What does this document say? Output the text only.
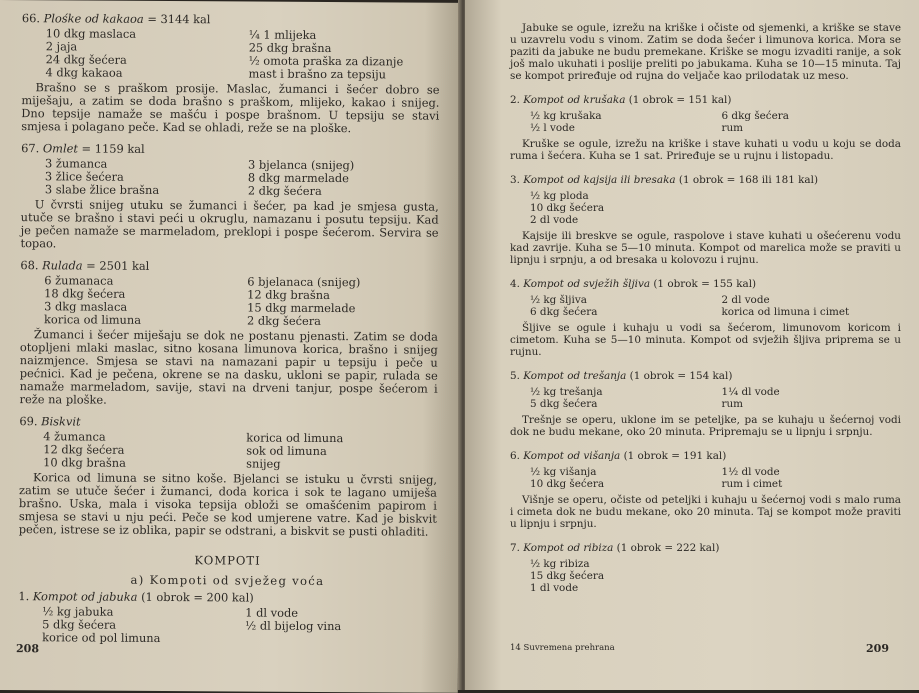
66. Plośke od kakaoa = 3144 kal

10 dkg maslaca
2 jaja
24 dkg šećera
4 dkg kakaoa
¼ 1 mlijeka
25 dkg brašna
½ omota praška za dizanje
mast i brašno za tepsiju

Brašno se s praškom prosije. Maslac, žumanci i šećer dobro se miješaju, a zatim se doda brašno s praškom, mlijeko, kakao i snijeg. Dno tepsije namaže se mašću i pospe brašnom. U tepsiju se stavi smjesa i polagano peče. Kad se ohladi, reže se na ploške.

67. Omlet = 1159 kal

3 žumanca
3 žlice šećera
3 slabe žlice brašna
3 bjelanca (snijeg)
8 dkg marmelade
2 dkg šećera

U čvrsti snijeg utuku se žumanci i šećer, pa kad je smjesa gusta, utuče se brašno i stavi peći u okruglu, namazanu i posutu tepsiju. Kad je pečen namaže se marmeladom, preklopi i pospe šećerom. Servira se topao.

68. Rulada = 2501 kal

6 žumanaca
18 dkg šećera
3 dkg maslaca
korica od limuna
6 bjelanaca (snijeg)
12 dkg brašna
15 dkg marmelade
2 dkg šećera

Žumanci i šećer miješaju se dok ne postanu pjenasti. Zatim se doda otopljeni mlaki maslac, sitno kosana limunova korica, brašno i snijeg naizmjence. Smjesa se stavi na namazani papir u tepsiju i peče u pećnici. Kad je pečena, okrene se na dasku, ukloni se papir, rulada se namaže marmeladom, savije, stavi na drveni tanjur, pospe šećerom i reže na ploške.

69. Biskvit

4 žumanca
12 dkg šećera
10 dkg brašna
korica od limuna
sok od limuna
snijeg

Korica od limuna se sitno koše. Bjelanci se istuku u čvrsti snijeg, zatim se utuče šećer i žumanci, doda korica i sok te lagano umiješa brašno. Uska, mala i visoka tepsija obloži se omašćenim papirom i smjesa se stavi u nju peći. Peče se kod umjerene vatre. Kad je biskvit pečen, istrese se iz oblika, papir se odstrani, a biskvit se pusti ohladiti.

KOMPOTI
a) Kompoti od svježeg voća

1. Kompot od jabuka (1 obrok = 200 kal)

½ kg jabuka
5 dkg šećera
korice od pol limuna
1 dl vode
½ dl bijelog vina
208

Jabuke se ogule, izrežu na kriške i očiste od sjemenki, a kriške se stave u uzavrelu vodu s vinom. Zatim se doda šećer i limunova korica. Mora se paziti da jabuke ne budu premekane. Kriške se mogu izvaditi ranije, a sok još malo ukuhati i poslije preliti po jabukama. Kuha se 10—15 minuta. Taj se kompot priređuje od rujna do veljače kao prilodatak uz meso.

2. Kompot od krušaka (1 obrok = 151 kal)

½ kg krušaka
½ l vode
6 dkg šećera
rum

Kruške se ogule, izrežu na kriške i stave kuhati u vodu u koju se doda ruma i šećera. Kuha se 1 sat. Priređuje se u rujnu i listopadu.

3. Kompot od kajsija ili bresaka (1 obrok = 168 ili 181 kal)

½ kg ploda
10 dkg šećera
2 dl vode

Kajsije ili breskve se ogule, raspolove i stave kuhati u ošećerenu vodu kad zavrije. Kuha se 5—10 minuta. Kompot od marelica može se praviti u lipnju i srpnju, a od bresaka u kolovozu i rujnu.

4. Kompot od svježih šljiva (1 obrok = 155 kal)

½ kg šljiva
6 dkg šećera
2 dl vode
korica od limuna i cimet

Šljive se ogule i kuhaju u vodi sa šećerom, limunovom koricom i cimetom. Kuha se 5—10 minuta. Kompot od svježih šljiva priprema se u rujnu.

5. Kompot od trešanja (1 obrok = 154 kal)

½ kg trešanja
5 dkg šećera
1¼ dl vode
rum

Trešnje se operu, uklone im se peteljke, pa se kuhaju u šećernoj vodi dok ne budu mekane, oko 20 minuta. Pripremaju se u lipnju i srpnju.

6. Kompot od višanja (1 obrok = 191 kal)

½ kg višanja
10 dkg šećera
1½ dl vode
rum i cimet

Višnje se operu, očiste od peteljki i kuhaju u šećernoj vodi s malo ruma i cimeta dok ne budu mekane, oko 20 minuta. Taj se kompot može praviti u lipnju i srpnju.

7. Kompot od ribiza (1 obrok = 222 kal)

½ kg ribiza
15 dkg šećera
1 dl vode
14 Suvremena prehrana	209
